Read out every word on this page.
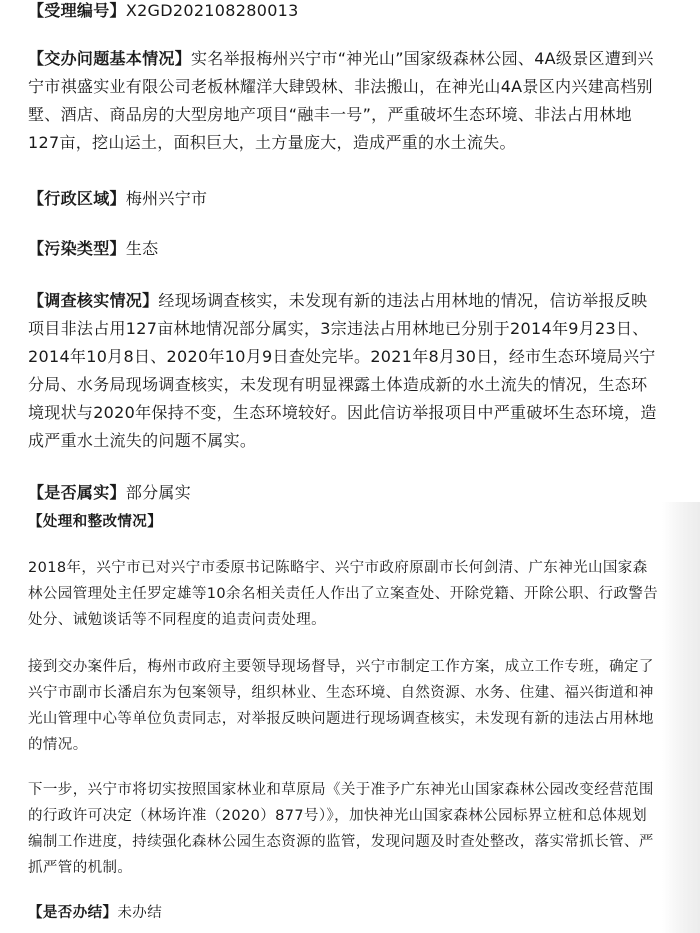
【受理编号】X2GD202108280013

【交办问题基本情况】实名举报梅州兴宁市“神光山”国家级森林公园、4A级景区遭到兴宁市祺盛实业有限公司老板林耀洋大肆毁林、非法搬山，在神光山4A景区内兴建高档别墅、酒店、商品房的大型房地产项目“融丰一号”，严重破坏生态环境、非法占用林地127亩，挖山运土，面积巨大，土方量庞大，造成严重的水土流失。

【行政区域】梅州兴宁市

【污染类型】生态

【调查核实情况】经现场调查核实，未发现有新的违法占用林地的情况，信访举报反映项目非法占用127亩林地情况部分属实，3宗违法占用林地已分别于2014年9月23日、2014年10月8日、2020年10月9日查处完毕。2021年8月30日，经市生态环境局兴宁分局、水务局现场调查核实，未发现有明显裸露土体造成新的水土流失的情况，生态环境现状与2020年保持不变，生态环境较好。因此信访举报项目中严重破坏生态环境，造成严重水土流失的问题不属实。

【是否属实】部分属实

【处理和整改情况】

2018年，兴宁市已对兴宁市委原书记陈略宇、兴宁市政府原副市长何剑清、广东神光山国家森林公园管理处主任罗定雄等10余名相关责任人作出了立案查处、开除党籍、开除公职、行政警告处分、诫勉谈话等不同程度的追责问责处理。

接到交办案件后，梅州市政府主要领导现场督导，兴宁市制定工作方案，成立工作专班，确定了兴宁市副市长潘启东为包案领导，组织林业、生态环境、自然资源、水务、住建、福兴街道和神光山管理中心等单位负责同志，对举报反映问题进行现场调查核实，未发现有新的违法占用林地的情况。

下一步，兴宁市将切实按照国家林业和草原局《关于准予广东神光山国家森林公园改变经营范围的行政许可决定（林场许准（2020）877号）》，加快神光山国家森林公园标界立桩和总体规划编制工作进度，持续强化森林公园生态资源的监管，发现问题及时查处整改，落实常抓长管、严抓严管的机制。

【是否办结】未办结
